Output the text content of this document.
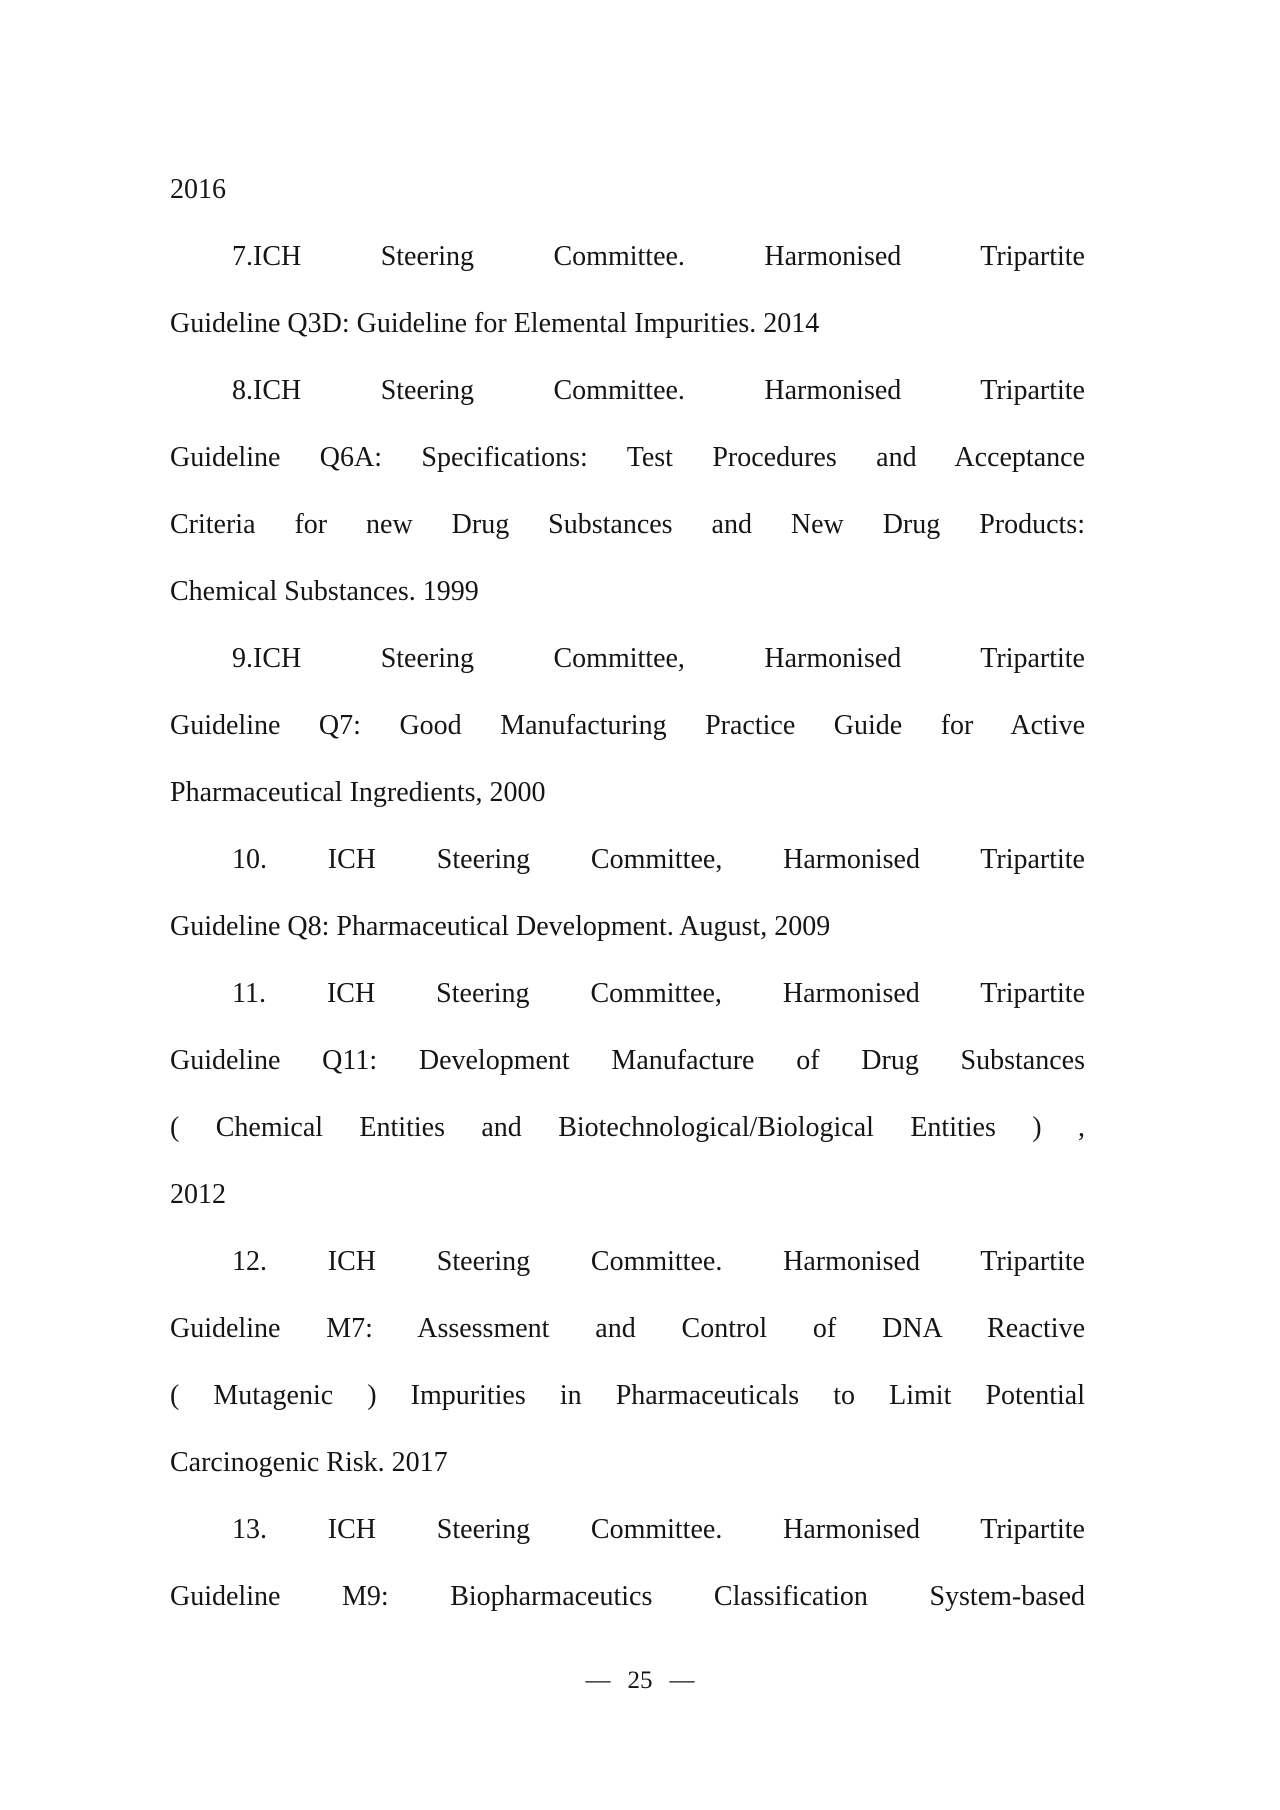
2016
7.ICH Steering Committee. Harmonised Tripartite
Guideline Q3D: Guideline for Elemental Impurities. 2014
8.ICH Steering Committee. Harmonised Tripartite
Guideline Q6A: Specifications: Test Procedures and Acceptance
Criteria for new Drug Substances and New Drug Products:
Chemical Substances. 1999
9.ICH Steering Committee, Harmonised Tripartite
Guideline Q7: Good Manufacturing Practice Guide for Active
Pharmaceutical Ingredients, 2000
10. ICH Steering Committee, Harmonised Tripartite
Guideline Q8: Pharmaceutical Development. August, 2009
11. ICH Steering Committee, Harmonised Tripartite
Guideline Q11: Development Manufacture of Drug Substances
( Chemical Entities and Biotechnological/Biological Entities ) ,
2012
12. ICH Steering Committee. Harmonised Tripartite
Guideline M7: Assessment and Control of DNA Reactive
( Mutagenic ) Impurities in Pharmaceuticals to Limit Potential
Carcinogenic Risk. 2017
13. ICH Steering Committee. Harmonised Tripartite
Guideline M9: Biopharmaceutics Classification System-based
— 25 —
